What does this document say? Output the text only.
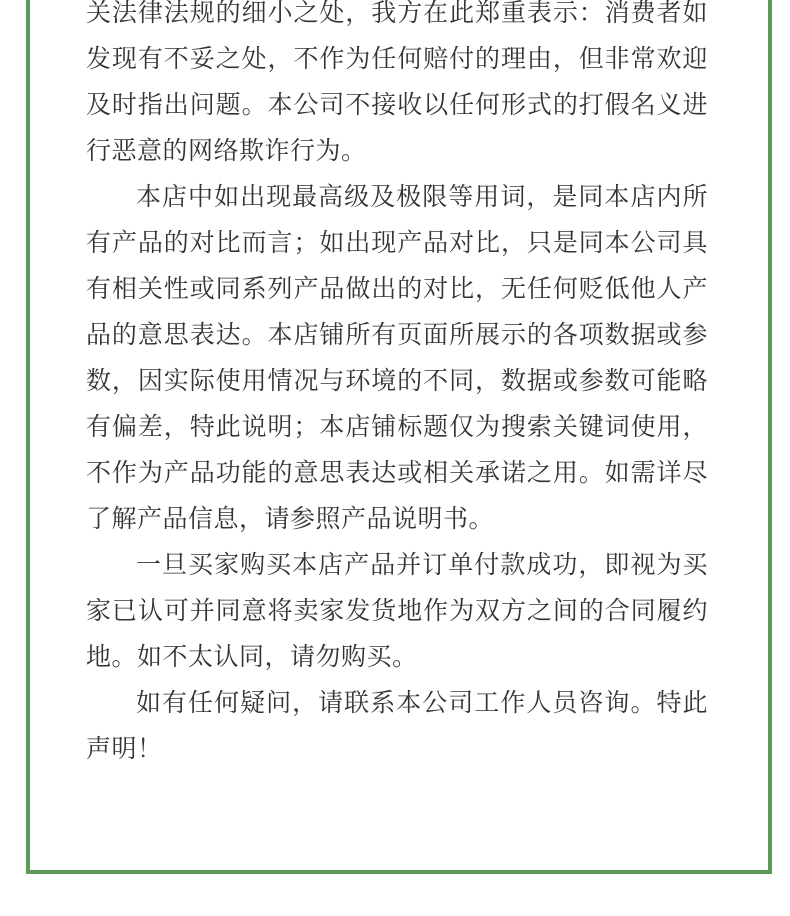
关法律法规的细小之处，我方在此郑重表示：消费者如发现有不妥之处，不作为任何赔付的理由，但非常欢迎及时指出问题。本公司不接收以任何形式的打假名义进行恶意的网络欺诈行为。

本店中如出现最高级及极限等用词，是同本店内所有产品的对比而言；如出现产品对比，只是同本公司具有相关性或同系列产品做出的对比，无任何贬低他人产品的意思表达。本店铺所有页面所展示的各项数据或参数，因实际使用情况与环境的不同，数据或参数可能略有偏差，特此说明；本店铺标题仅为搜索关键词使用，不作为产品功能的意思表达或相关承诺之用。如需详尽了解产品信息，请参照产品说明书。

一旦买家购买本店产品并订单付款成功，即视为买家已认可并同意将卖家发货地作为双方之间的合同履约地。如不太认同，请勿购买。

如有任何疑问，请联系本公司工作人员咨询。特此声明！
